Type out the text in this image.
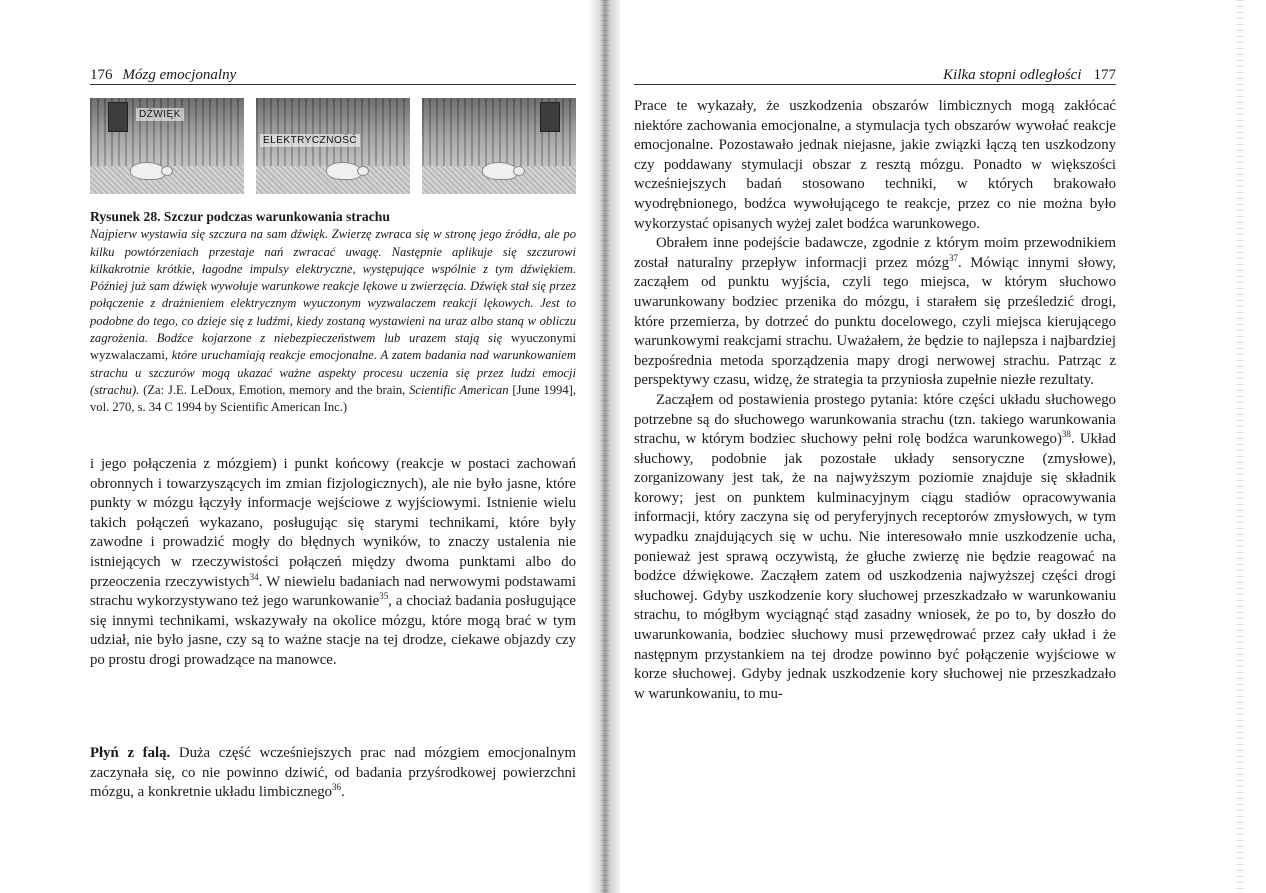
176 Mózg emocjonalny
DŹWIĘK
ELEKTRYCZNOŚĆ
Rysunek 28. Szczur podczas warunkowania strachu
Najpierw wystawia się szczura na sam dźwięk. Zwierzę zwraca się w stronę jego źródła, ale po kilku powtórzeniach przestaje nań zwracać uwagę. Następnie aplikuje się szczurowi kilkakrotnie krótkie, łagodne impulsy elektryczne, występujące wspólnie z tym dźwiękiem. Później już sam dźwięk wywołuje warunkowe reakcje lękowe u zwierzęcia. Dźwięk stał się przez połączenie z drażnieniem elektrycznym wyuczonym wyzwalaczem reakcji lękowych. Jest to podobne do tego, co dzieje się z ludźmi, kiedy zostaną wystawieni na uraz albo staną w obliczu zagrożenia. Bodźce kojarzone z niebezpieczeństwem lub urazem stają się wyuczonymi wyzwalaczami, które uruchamiają reakcje emocjonalne. A zatem badania nad warunkowaniem strachu u szczurów mogą ukazać ważne aspekty procesu uczenia się przez ludzi emocji (strachu). (Za: J.E. LeDoux, Emotion, memory and the brain, Scientific American [June 1994], vol. 270, s. 34 C 1994 by Scientific American Inc.)

i jego połączenia z mózgiem) i punkt końcowy (reakcje w postaci zachowań obronnych i towarzyszących im zmian fizjologicznych), ale nie było jasne, które punkty w mózgu łączyły informacje wejściowe z wyjściowymi. Istnienie wielu takich połączeń wykazano, posługując się starymi technikami, które były zawodne i prowadzić mogły do błędnych wyników, to znaczy ustalenia nie istniejących w rzeczywistości połączeń między dwoma punktami albo do przeoczenia rzeczywistych$^{34}$. W niewielu badaniach nad nerwowymi podstawami strachu wykorzystywano też jego warunkowanie$^{35}$, a chociaż badania posługujące się innymi technikami, wskazywały na okolice mózgu, które mogą brać w tym udział, nie było jasne, czy są to ważne stacje na tej drodze, ciekawe objazdy czy po prostu drogi prowadzące na manowce.

Płyń z falą. Duża część wcześniejszych prac nad mózgiem emocjonalnym zaczynała się, co nie powinno dziwić, od badania przyśrodkowej powierzchni mózgu, a konkretnie układu limbicznego$^{36}$.

Kilka stopni odległości 177

Prace te wykazały, że uszkodzenia obszarów limbicznych mogą zakłócać niektóre zachowania emocjonalne, a stymulacja tych obszarów wywołać reakcje emocjonalne. Pozostawało jednak niejasne, jakie związki łączą ten uszkodzony czy poddawany stymulacji obszar z resztą mózgu. Ponadto w większości wcześniejszych badań stosowano techniki, w których brakowało wyodrębnionego, bodźca wywołującego te reakcje, przez co nie można było wykorzystać opisanych wyżej zalet bodźca warunkowego.

Obrałem inne podejście badawcze, zgodnie z którym moim przewodnikiem został naturalny przepływ informacji przez mózg$^{37}$. Mówiąc innymi słowy, zacząłem od punktu wyjścia, czyli tego miejsca, w którym słuchowo uwarunkowany bodziec przenika do mózgu, i starałem się prześledzić drogi, które przemierza, by dotrzeć do punktu docelowego, czyli miejsca kierującego warunkowymi reakcjami strachu. Uważałem, że będzie to najlepsza i najbardziej bezpośrednia metoda sporządzenia mapy drogi nerwowej strachu. Patrząc z perspektywy czasu, widzę, że strategia ta przyniosła zupełnie niezłe rezultaty.

Zacząłem od postawienia prostego pytania: które części układu słuchowego potrzebne są do słuchowego warunkowania strachu (tzn. takiego warunkowania strachu, w którym bodziec słuchowy pełni rolę bodźca warunkowego)$^{38}$. Układ słuchowy, podobnie jak pozostałe układy sensoryczne (zmysłowe), zorganizowany jest tak, że na najwyższym poziomie znajduje się składnik korowy; jest on punktem kulminacyjnym ciągu stadiów opracowywania informacji, który zaczyna się od peryferyjnych receptorów zmysłowych, w tym wypadku znajdujących się w uchu. Nie interesowało mnie uszkodzenie ucha, ponieważ jest sprawą oczywistą, że głuche zwierzę nie będzie reagować na bodźce dźwiękowe. Zacząłem zatem od uszkodzenia najwyższej części drogi słuchowej. Gdyby uszkodzenie kory słuchowej przeszkadzało w warunkowaniu strachu, to mógłbym wyciągnąć stąd zasadny wniosek, że po to, by doszło do uwarunkowania, bodziec słuchowy musi przewędrować przez cały układ i że następnym przystankiem na tej drodze powinno być połączenie wyjściowe w korze słuchowej. Gdyby jednak uszkodzenie kory słuchowej nie przeszkadzało w warunkowaniu, to mu-
